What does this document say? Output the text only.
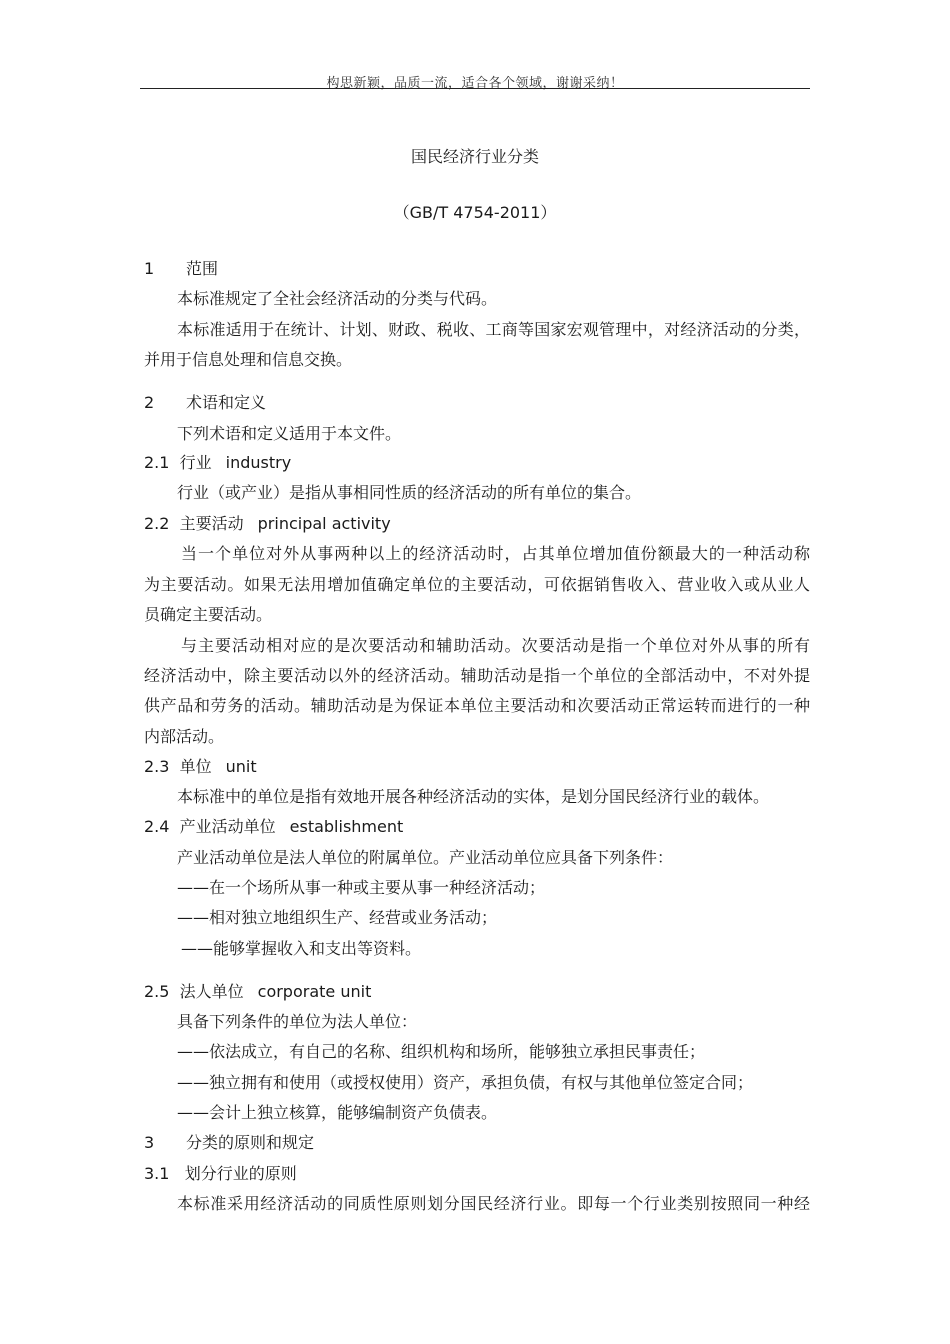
构思新颖，品质一流，适合各个领域，谢谢采纳！
国民经济行业分类
（GB/T 4754-2011）
1 范围
本标准规定了全社会经济活动的分类与代码。
本标准适用于在统计、计划、财政、税收、工商等国家宏观管理中，对经济活动的分类，
并用于信息处理和信息交换。
2 术语和定义
下列术语和定义适用于本文件。
2.1 行业 industry
行业（或产业）是指从事相同性质的经济活动的所有单位的集合。
2.2 主要活动 principal activity
当一个单位对外从事两种以上的经济活动时，占其单位增加值份额最大的一种活动称
为主要活动。如果无法用增加值确定单位的主要活动，可依据销售收入、营业收入或从业人
员确定主要活动。
与主要活动相对应的是次要活动和辅助活动。次要活动是指一个单位对外从事的所有
经济活动中，除主要活动以外的经济活动。辅助活动是指一个单位的全部活动中，不对外提
供产品和劳务的活动。辅助活动是为保证本单位主要活动和次要活动正常运转而进行的一种
内部活动。
2.3 单位 unit
本标准中的单位是指有效地开展各种经济活动的实体，是划分国民经济行业的载体。
2.4 产业活动单位 establishment
产业活动单位是法人单位的附属单位。产业活动单位应具备下列条件：
——在一个场所从事一种或主要从事一种经济活动；
——相对独立地组织生产、经营或业务活动；
——能够掌握收入和支出等资料。
2.5 法人单位 corporate unit
具备下列条件的单位为法人单位：
——依法成立，有自己的名称、组织机构和场所，能够独立承担民事责任；
——独立拥有和使用（或授权使用）资产，承担负债，有权与其他单位签定合同；
——会计上独立核算，能够编制资产负债表。
3 分类的原则和规定
3.1 划分行业的原则
本标准采用经济活动的同质性原则划分国民经济行业。即每一个行业类别按照同一种经
